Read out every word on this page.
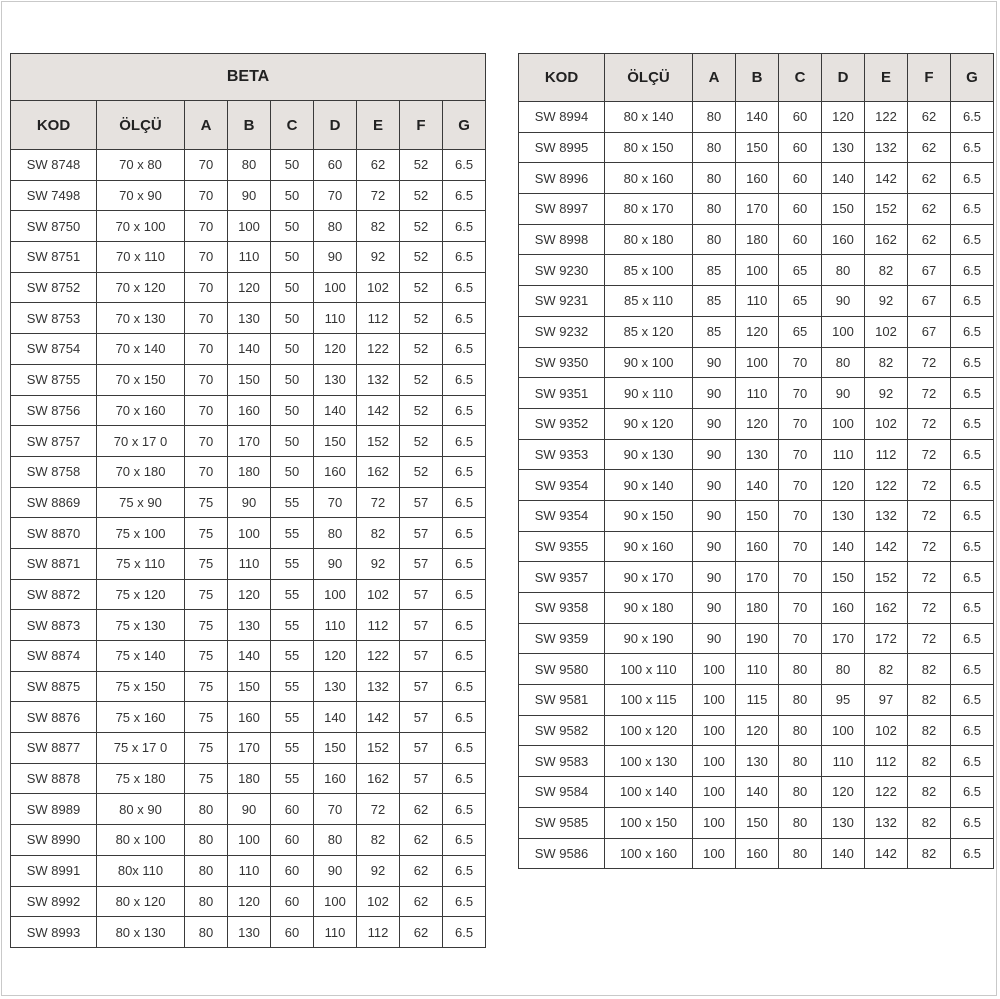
BETA								
KOD	ÖLÇÜ	A	B	C	D	E	F	G
SW 8748	70 x 80	70	80	50	60	62	52	6.5
SW 7498	70 x 90	70	90	50	70	72	52	6.5
SW 8750	70 x 100	70	100	50	80	82	52	6.5
SW 8751	70 x 110	70	110	50	90	92	52	6.5
SW 8752	70 x 120	70	120	50	100	102	52	6.5
SW 8753	70 x 130	70	130	50	110	112	52	6.5
SW 8754	70 x 140	70	140	50	120	122	52	6.5
SW 8755	70 x 150	70	150	50	130	132	52	6.5
SW 8756	70 x 160	70	160	50	140	142	52	6.5
SW 8757	70 x 17 0	70	170	50	150	152	52	6.5
SW 8758	70 x 180	70	180	50	160	162	52	6.5
SW 8869	75 x 90	75	90	55	70	72	57	6.5
SW 8870	75 x 100	75	100	55	80	82	57	6.5
SW 8871	75 x 110	75	110	55	90	92	57	6.5
SW 8872	75 x 120	75	120	55	100	102	57	6.5
SW 8873	75 x 130	75	130	55	110	112	57	6.5
SW 8874	75 x 140	75	140	55	120	122	57	6.5
SW 8875	75 x 150	75	150	55	130	132	57	6.5
SW 8876	75 x 160	75	160	55	140	142	57	6.5
SW 8877	75 x 17 0	75	170	55	150	152	57	6.5
SW 8878	75 x 180	75	180	55	160	162	57	6.5
SW 8989	80 x 90	80	90	60	70	72	62	6.5
SW 8990	80 x 100	80	100	60	80	82	62	6.5
SW 8991	80x 110	80	110	60	90	92	62	6.5
SW 8992	80 x 120	80	120	60	100	102	62	6.5
SW 8993	80 x 130	80	130	60	110	112	62	6.5
KOD	ÖLÇÜ	A	B	C	D	E	F	G
SW 8994	80 x 140	80	140	60	120	122	62	6.5
SW 8995	80 x 150	80	150	60	130	132	62	6.5
SW 8996	80 x 160	80	160	60	140	142	62	6.5
SW 8997	80 x 170	80	170	60	150	152	62	6.5
SW 8998	80 x 180	80	180	60	160	162	62	6.5
SW 9230	85 x 100	85	100	65	80	82	67	6.5
SW 9231	85 x 110	85	110	65	90	92	67	6.5
SW 9232	85 x 120	85	120	65	100	102	67	6.5
SW 9350	90 x 100	90	100	70	80	82	72	6.5
SW 9351	90 x 110	90	110	70	90	92	72	6.5
SW 9352	90 x 120	90	120	70	100	102	72	6.5
SW 9353	90 x 130	90	130	70	110	112	72	6.5
SW 9354	90 x 140	90	140	70	120	122	72	6.5
SW 9354	90 x 150	90	150	70	130	132	72	6.5
SW 9355	90 x 160	90	160	70	140	142	72	6.5
SW 9357	90 x 170	90	170	70	150	152	72	6.5
SW 9358	90 x 180	90	180	70	160	162	72	6.5
SW 9359	90 x 190	90	190	70	170	172	72	6.5
SW 9580	100 x 110	100	110	80	80	82	82	6.5
SW 9581	100 x 115	100	115	80	95	97	82	6.5
SW 9582	100 x 120	100	120	80	100	102	82	6.5
SW 9583	100 x 130	100	130	80	110	112	82	6.5
SW 9584	100 x 140	100	140	80	120	122	82	6.5
SW 9585	100 x 150	100	150	80	130	132	82	6.5
SW 9586	100 x 160	100	160	80	140	142	82	6.5
